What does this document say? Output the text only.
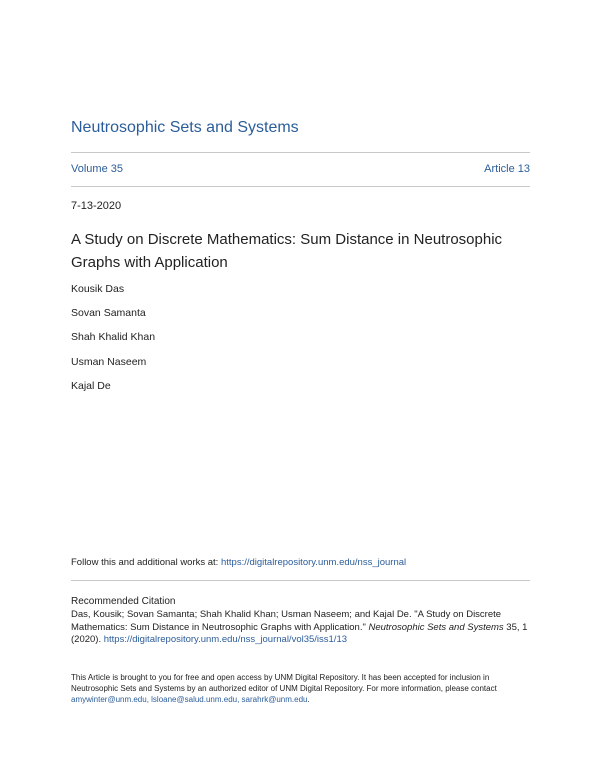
Neutrosophic Sets and Systems
Volume 35	Article 13
7-13-2020
A Study on Discrete Mathematics: Sum Distance in Neutrosophic Graphs with Application
Kousik Das
Sovan Samanta
Shah Khalid Khan
Usman Naseem
Kajal De
Follow this and additional works at: https://digitalrepository.unm.edu/nss_journal
Recommended Citation
Das, Kousik; Sovan Samanta; Shah Khalid Khan; Usman Naseem; and Kajal De. "A Study on Discrete Mathematics: Sum Distance in Neutrosophic Graphs with Application." Neutrosophic Sets and Systems 35, 1 (2020). https://digitalrepository.unm.edu/nss_journal/vol35/iss1/13
This Article is brought to you for free and open access by UNM Digital Repository. It has been accepted for inclusion in Neutrosophic Sets and Systems by an authorized editor of UNM Digital Repository. For more information, please contact amywinter@unm.edu, lsloane@salud.unm.edu, sarahrk@unm.edu.
